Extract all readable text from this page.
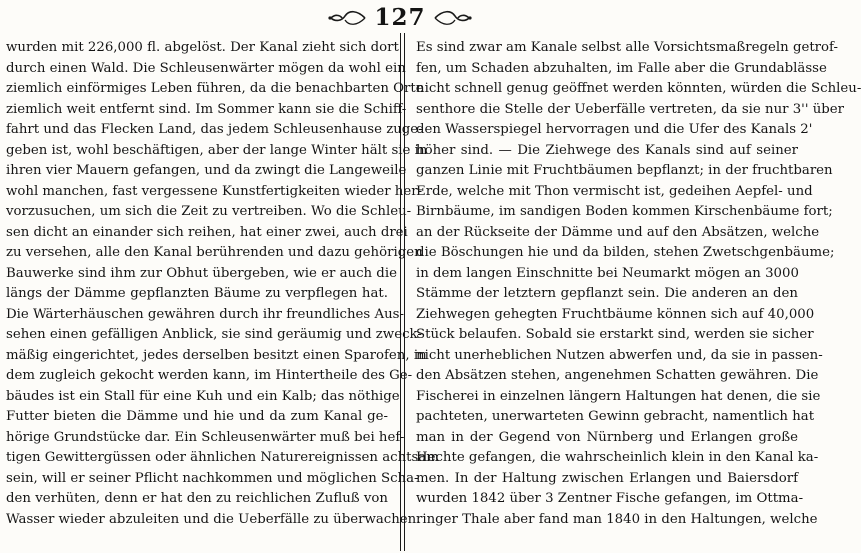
127
wurden mit 226,000 fl. abgelöst. Der Kanal zieht sich dort
durch einen Wald. Die Schleusenwärter mögen da wohl ein
ziemlich einförmiges Leben führen, da die benachbarten Orte
ziemlich weit entfernt sind. Im Sommer kann sie die Schiff-
fahrt und das Flecken Land, das jedem Schleusenhause zuge-
geben ist, wohl beschäftigen, aber der lange Winter hält sie in
ihren vier Mauern gefangen, und da zwingt die Langeweile
wohl manchen, fast vergessene Kunstfertigkeiten wieder her-
vorzusuchen, um sich die Zeit zu vertreiben. Wo die Schleu-
sen dicht an einander sich reihen, hat einer zwei, auch drei
zu versehen, alle den Kanal berührenden und dazu gehörigen
Bauwerke sind ihm zur Obhut übergeben, wie er auch die
längs der Dämme gepflanzten Bäume zu verpflegen hat.
Die Wärterhäuschen gewähren durch ihr freundliches Aus-
sehen einen gefälligen Anblick, sie sind geräumig und zweck-
mäßig eingerichtet, jedes derselben besitzt einen Sparofen, in
dem zugleich gekocht werden kann, im Hintertheile des Ge-
bäudes ist ein Stall für eine Kuh und ein Kalb; das nöthige
Futter bieten die Dämme und hie und da zum Kanal ge-
hörige Grundstücke dar. Ein Schleusenwärter muß bei hef-
tigen Gewittergüssen oder ähnlichen Naturereignissen achtsam
sein, will er seiner Pflicht nachkommen und möglichen Scha-
den verhüten, denn er hat den zu reichlichen Zufluß von
Wasser wieder abzuleiten und die Ueberfälle zu überwachen.
Es sind zwar am Kanale selbst alle Vorsichtsmaßregeln getrof-
fen, um Schaden abzuhalten, im Falle aber die Grundablässe
nicht schnell genug geöffnet werden könnten, würden die Schleu-
senthore die Stelle der Ueberfälle vertreten, da sie nur 3'' über
den Wasserspiegel hervorragen und die Ufer des Kanals 2'
höher sind. — Die Ziehwege des Kanals sind auf seiner
ganzen Linie mit Fruchtbäumen bepflanzt; in der fruchtbaren
Erde, welche mit Thon vermischt ist, gedeihen Aepfel- und
Birnbäume, im sandigen Boden kommen Kirschenbäume fort;
an der Rückseite der Dämme und auf den Absätzen, welche
die Böschungen hie und da bilden, stehen Zwetschgenbäume;
in dem langen Einschnitte bei Neumarkt mögen an 3000
Stämme der letztern gepflanzt sein. Die anderen an den
Ziehwegen gehegten Fruchtbäume können sich auf 40,000
Stück belaufen. Sobald sie erstarkt sind, werden sie sicher
nicht unerheblichen Nutzen abwerfen und, da sie in passen-
den Absätzen stehen, angenehmen Schatten gewähren. Die
Fischerei in einzelnen längern Haltungen hat denen, die sie
pachteten, unerwarteten Gewinn gebracht, namentlich hat
man in der Gegend von Nürnberg und Erlangen große
Hechte gefangen, die wahrscheinlich klein in den Kanal ka-
men. In der Haltung zwischen Erlangen und Baiersdorf
wurden 1842 über 3 Zentner Fische gefangen, im Ottma-
ringer Thale aber fand man 1840 in den Haltungen, welche
